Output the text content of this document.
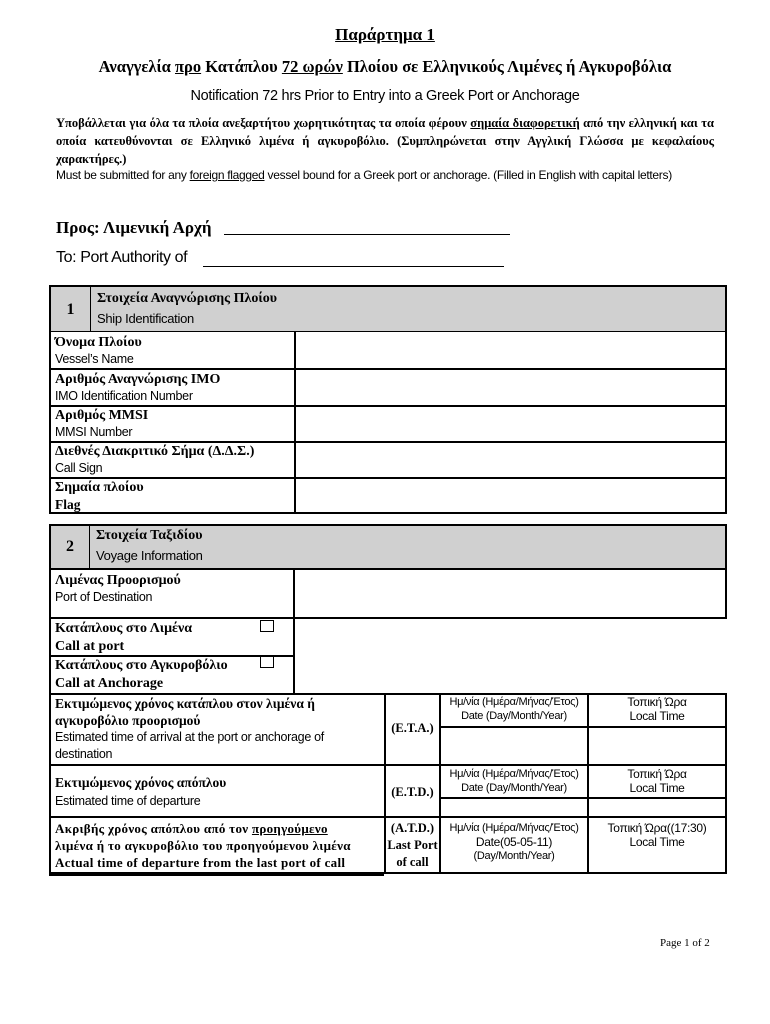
Παράρτημα 1
Αναγγελία προ Κατάπλου 72 ωρών Πλοίου σε Ελληνικούς Λιμένες ή Αγκυροβόλια
Notification 72 hrs Prior to Entry into a Greek Port or Anchorage
Υποβάλλεται για όλα τα πλοία ανεξαρτήτου χωρητικότητας τα οποία φέρουν σημαία διαφορετική από την ελληνική και τα οποία κατευθύνονται σε Ελληνικό λιμένα ή αγκυροβόλιο. (Συμπληρώνεται στην Αγγλική Γλώσσα με κεφαλαίους χαρακτήρες.)
Must be submitted for any foreign flagged vessel bound for a Greek port or anchorage. (Filled in English with capital letters)
Προς: Λιμενική Αρχή
To: Port Authority of
1
Στοιχεία Αναγνώρισης Πλοίου
Ship Identification
Όνομα Πλοίου
Vessel’s Name
Αριθμός Αναγνώρισης IMO
IMO Identification Number
Αριθμός MMSI
MMSI Number
Διεθνές Διακριτικό Σήμα (Δ.Δ.Σ.)
Call Sign
Σημαία πλοίου
Flag
2
Στοιχεία Ταξιδίου
Voyage Information
Λιμένας Προορισμού
Port of Destination
Κατάπλους στο Λιμένα
Call at port
Κατάπλους στο Αγκυροβόλιο
Call at Anchorage
Εκτιμώμενος χρόνος κατάπλου στον λιμένα ή αγκυροβόλιο προορισμού
Estimated time of arrival at the port or anchorage of destination
(E.T.A.)
Ημ/νία (Ημέρα/Μήνας/Έτος)
Date (Day/Month/Year)
Τοπική Ώρα
Local Time
Εκτιμώμενος χρόνος απόπλου
Estimated time of departure
(E.T.D.)
Ημ/νία (Ημέρα/Μήνας/Έτος)
Date (Day/Month/Year)
Τοπική Ώρα
Local Time
Ακριβής χρόνος απόπλου από τον προηγούμενο
λιμένα ή το αγκυροβόλιο του προηγούμενου λιμένα
Actual time of departure from the last port of call
(A.T.D.)
Last Port
of call
Ημ/νία (Ημέρα/Μήνας/Έτος)
Date(05-05-11)
(Day/Month/Year)
Τοπική Ώρα((17:30)
Local Time
Page 1 of 2
